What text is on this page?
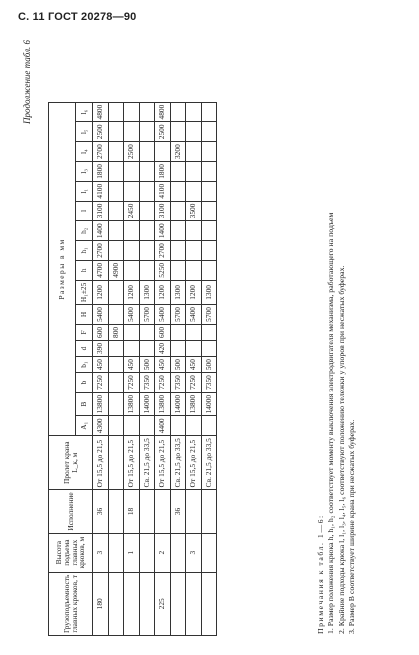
С. 11 ГОСТ 20278—90
Продолжение табл. 6
Грузоподъемность главных крюков, т	Высота подъема главных крюков, м	Исполнение	Пролет крана L_к, м	Размеры в мм																
				A₁	B	b	b₁	d	F	H	H₁±25	h	h₁	h₂	l	l₁	l₃	l₄	l₅	l₆
180	3	36	От 15,5 до 21,5	4300	13800	7250	450	390	600	5400	1200	4700	2700	1400	3100	4100	1800	2700	2500	4800
									800			4900								
	1	18	От 15,5 до 21,5		13800	7250	450			5400	1200				2450			2500		
			Св. 21,5 до 33,5		14000	7350	500			5700	1300									
225	2		От 15,5 до 21,5	4400	13800	7250	450	420	600	5400	1200	5250	2700	1400	3100	4100	1800		2500	4800
		36	Св. 21,5 до 33,5		14000	7350	500			5700	1300							3200		
	3		От 15,5 до 21,5		13800	7250	450			5400	1200				3500					
			Св. 21,5 до 33,5		14000	7350	500			5700	1300									

Примечания к табл. 1—6: 1. Размер положения крюка h, h₁, h₂ соответствует моменту выключения электродвигателя механизма, работающего на подъем 2. Крайние подходы крюка l, l₁, l₃, l₄, l₅, l₆ соответствуют положению тележки у упоров при несжатых буферах. 3. Размер B соответствует ширине крана при несжатых буферах.
